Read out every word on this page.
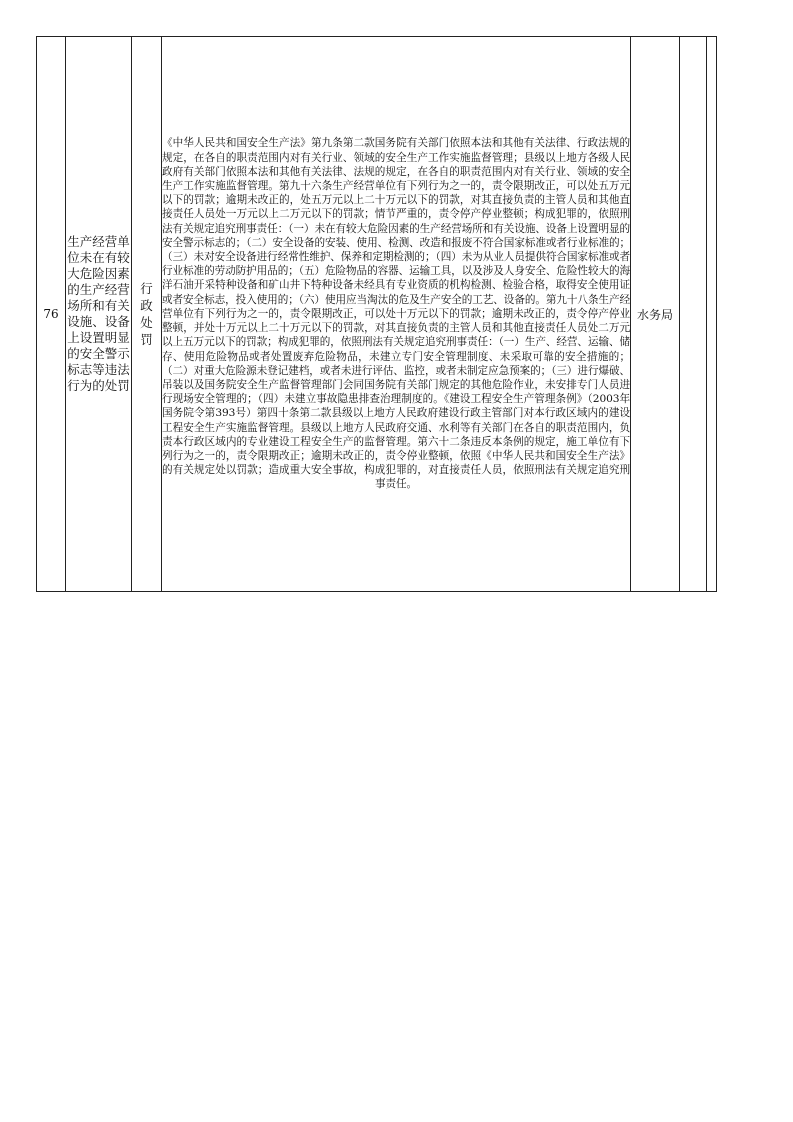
76	生产经营单位未在有较大危险因素的生产经营场所和有关设施、设备上设置明显的安全警示标志等违法行为的处罚	行政处罚	《中华人民共和国安全生产法》第九条第二款国务院有关部门依照本法和其他有关法律、行政法规的规定，在各自的职责范围内对有关行业、领域的安全生产工作实施监督管理；县级以上地方各级人民政府有关部门依照本法和其他有关法律、法规的规定，在各自的职责范围内对有关行业、领域的安全生产工作实施监督管理。第九十六条生产经营单位有下列行为之一的，责令限期改正，可以处五万元以下的罚款；逾期未改正的，处五万元以上二十万元以下的罚款，对其直接负责的主管人员和其他直接责任人员处一万元以上二万元以下的罚款；情节严重的，责令停产停业整顿；构成犯罪的，依照刑法有关规定追究刑事责任：（一）未在有较大危险因素的生产经营场所和有关设施、设备上设置明显的安全警示标志的；（二）安全设备的安装、使用、检测、改造和报废不符合国家标准或者行业标准的；（三）未对安全设备进行经常性维护、保养和定期检测的；（四）未为从业人员提供符合国家标准或者行业标准的劳动防护用品的；（五）危险物品的容器、运输工具，以及涉及人身安全、危险性较大的海洋石油开采特种设备和矿山井下特种设备未经具有专业资质的机构检测、检验合格，取得安全使用证或者安全标志，投入使用的；（六）使用应当淘汰的危及生产安全的工艺、设备的。第九十八条生产经营单位有下列行为之一的，责令限期改正，可以处十万元以下的罚款；逾期未改正的，责令停产停业整顿，并处十万元以上二十万元以下的罚款，对其直接负责的主管人员和其他直接责任人员处二万元以上五万元以下的罚款；构成犯罪的，依照刑法有关规定追究刑事责任：（一）生产、经营、运输、储存、使用危险物品或者处置废弃危险物品，未建立专门安全管理制度、未采取可靠的安全措施的；（二）对重大危险源未登记建档，或者未进行评估、监控，或者未制定应急预案的；（三）进行爆破、吊装以及国务院安全生产监督管理部门会同国务院有关部门规定的其他危险作业，未安排专门人员进行现场安全管理的；（四）未建立事故隐患排查治理制度的。《建设工程安全生产管理条例》（2003年国务院令第393号）第四十条第二款县级以上地方人民政府建设行政主管部门对本行政区域内的建设工程安全生产实施监督管理。县级以上地方人民政府交通、水利等有关部门在各自的职责范围内，负责本行政区域内的专业建设工程安全生产的监督管理。第六十二条违反本条例的规定，施工单位有下列行为之一的，责令限期改正；逾期未改正的，责令停业整顿，依照《中华人民共和国安全生产法》的有关规定处以罚款；造成重大安全事故，构成犯罪的，对直接责任人员，依照刑法有关规定追究刑事责任。	水务局		
